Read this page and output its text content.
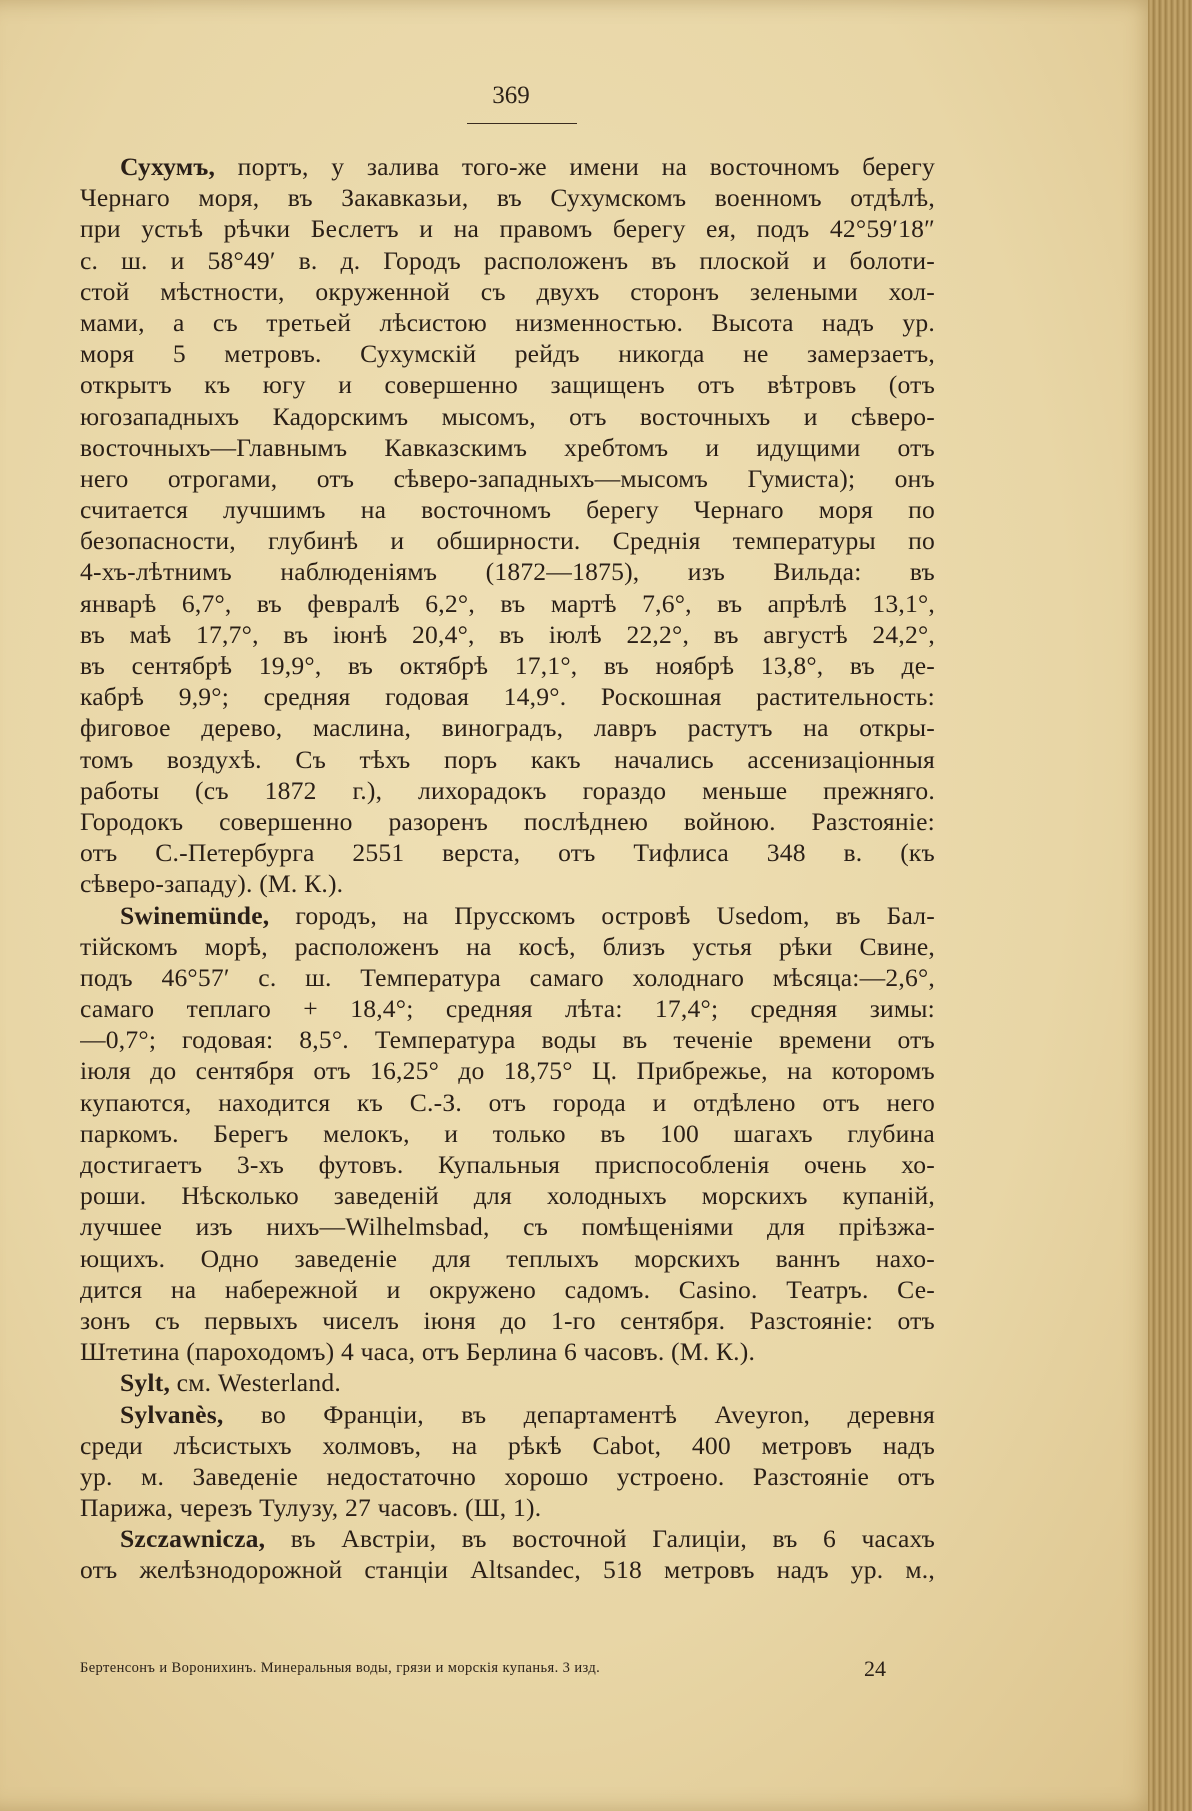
369
Сухумъ, портъ, у залива того-же имени на восточномъ берегу
Чернаго моря, въ Закавказьи, въ Сухумскомъ военномъ отдѣлѣ,
при устьѣ рѣчки Беслетъ и на правомъ берегу ея, подъ 42°59′18″
с. ш. и 58°49′ в. д. Городъ расположенъ въ плоской и болоти-
стой мѣстности, окруженной съ двухъ сторонъ зелеными хол-
мами, а съ третьей лѣсистою низменностью. Высота надъ ур.
моря 5 метровъ. Сухумскій рейдъ никогда не замерзаетъ,
открытъ къ югу и совершенно защищенъ отъ вѣтровъ (отъ
югозападныхъ Кадорскимъ мысомъ, отъ восточныхъ и сѣверо-
восточныхъ—Главнымъ Кавказскимъ хребтомъ и идущими отъ
него отрогами, отъ сѣверо-западныхъ—мысомъ Гумиста); онъ
считается лучшимъ на восточномъ берегу Чернаго моря по
безопасности, глубинѣ и обширности. Среднія температуры по
4-хъ-лѣтнимъ наблюденіямъ (1872—1875), изъ Вильда: въ
январѣ 6,7°, въ февралѣ 6,2°, въ мартѣ 7,6°, въ апрѣлѣ 13,1°,
въ маѣ 17,7°, въ іюнѣ 20,4°, въ іюлѣ 22,2°, въ августѣ 24,2°,
въ сентябрѣ 19,9°, въ октябрѣ 17,1°, въ ноябрѣ 13,8°, въ де-
кабрѣ 9,9°; средняя годовая 14,9°. Роскошная растительность:
фиговое дерево, маслина, виноградъ, лавръ растутъ на откры-
томъ воздухѣ. Съ тѣхъ поръ какъ начались ассенизаціонныя
работы (съ 1872 г.), лихорадокъ гораздо меньше прежняго.
Городокъ совершенно разоренъ послѣднею войною. Разстояніе:
отъ С.-Петербурга 2551 верста, отъ Тифлиса 348 в. (къ
сѣверо-западу). (М. К.).
Swinemünde, городъ, на Прусскомъ островѣ Usedom, въ Бал-
тійскомъ морѣ, расположенъ на косѣ, близъ устья рѣки Свине,
подъ 46°57′ с. ш. Температура самаго холоднаго мѣсяца:—2,6°,
самаго теплаго + 18,4°; средняя лѣта: 17,4°; средняя зимы:
—0,7°; годовая: 8,5°. Температура воды въ теченіе времени отъ
іюля до сентября отъ 16,25° до 18,75° Ц. Прибрежье, на которомъ
купаются, находится къ С.-З. отъ города и отдѣлено отъ него
паркомъ. Берегъ мелокъ, и только въ 100 шагахъ глубина
достигаетъ 3-хъ футовъ. Купальныя приспособленія очень хо-
роши. Нѣсколько заведеній для холодныхъ морскихъ купаній,
лучшее изъ нихъ—Wilhelmsbad, съ помѣщеніями для пріѣзжа-
ющихъ. Одно заведеніе для теплыхъ морскихъ ваннъ нахо-
дится на набережной и окружено садомъ. Casino. Театръ. Се-
зонъ съ первыхъ чиселъ іюня до 1-го сентября. Разстояніе: отъ
Штетина (пароходомъ) 4 часа, отъ Берлина 6 часовъ. (М. К.).
Sylt, см. Westerland.
Sylvanès, во Франціи, въ департаментѣ Aveyron, деревня
среди лѣсистыхъ холмовъ, на рѣкѣ Cabot, 400 метровъ надъ
ур. м. Заведеніе недостаточно хорошо устроено. Разстояніе отъ
Парижа, черезъ Тулузу, 27 часовъ. (Ш, 1).
Szczawnicza, въ Австріи, въ восточной Галиціи, въ 6 часахъ
отъ желѣзнодорожной станціи Altsandec, 518 метровъ надъ ур. м.,
Бертенсонъ и Воронихинъ. Минеральныя воды, грязи и морскія купанья. 3 изд.	24
